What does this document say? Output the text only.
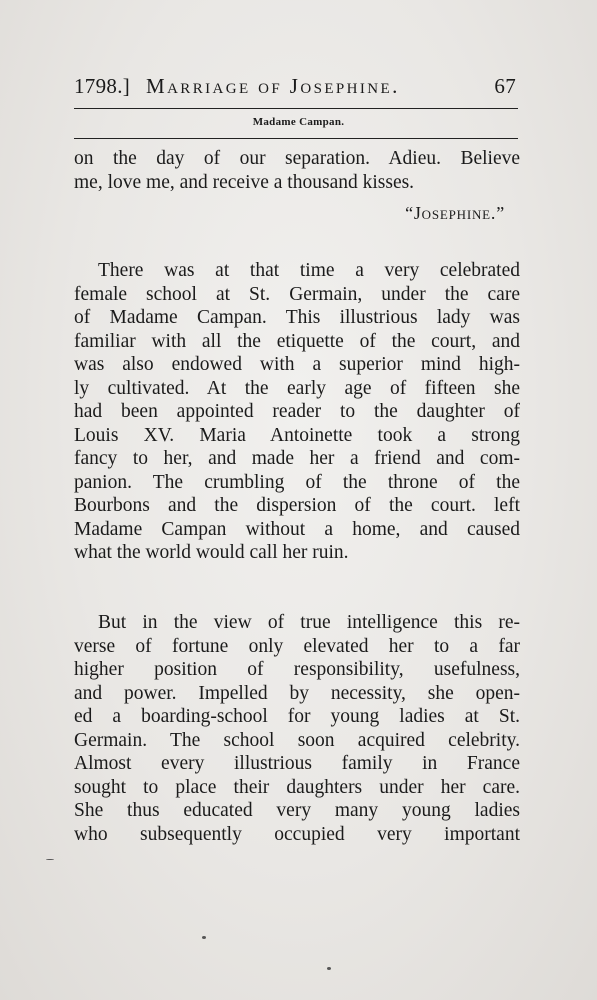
1798.] Marriage of Josephine.	67
Madame Campan.
on the day of our separation. Adieu. Believe
me, love me, and receive a thousand kisses.
“Josephine.”
There was at that time a very celebrated
female school at St. Germain, under the care
of Madame Campan. This illustrious lady was
familiar with all the etiquette of the court, and
was also endowed with a superior mind high-
ly cultivated. At the early age of fifteen she
had been appointed reader to the daughter of
Louis XV. Maria Antoinette took a strong
fancy to her, and made her a friend and com-
panion. The crumbling of the throne of the
Bourbons and the dispersion of the court. left
Madame Campan without a home, and caused
what the world would call her ruin.
But in the view of true intelligence this re-
verse of fortune only elevated her to a far
higher position of responsibility, usefulness,
and power. Impelled by necessity, she open-
ed a boarding-school for young ladies at St.
Germain. The school soon acquired celebrity.
Almost every illustrious family in France
sought to place their daughters under her care.
She thus educated very many young ladies
who subsequently occupied very important
